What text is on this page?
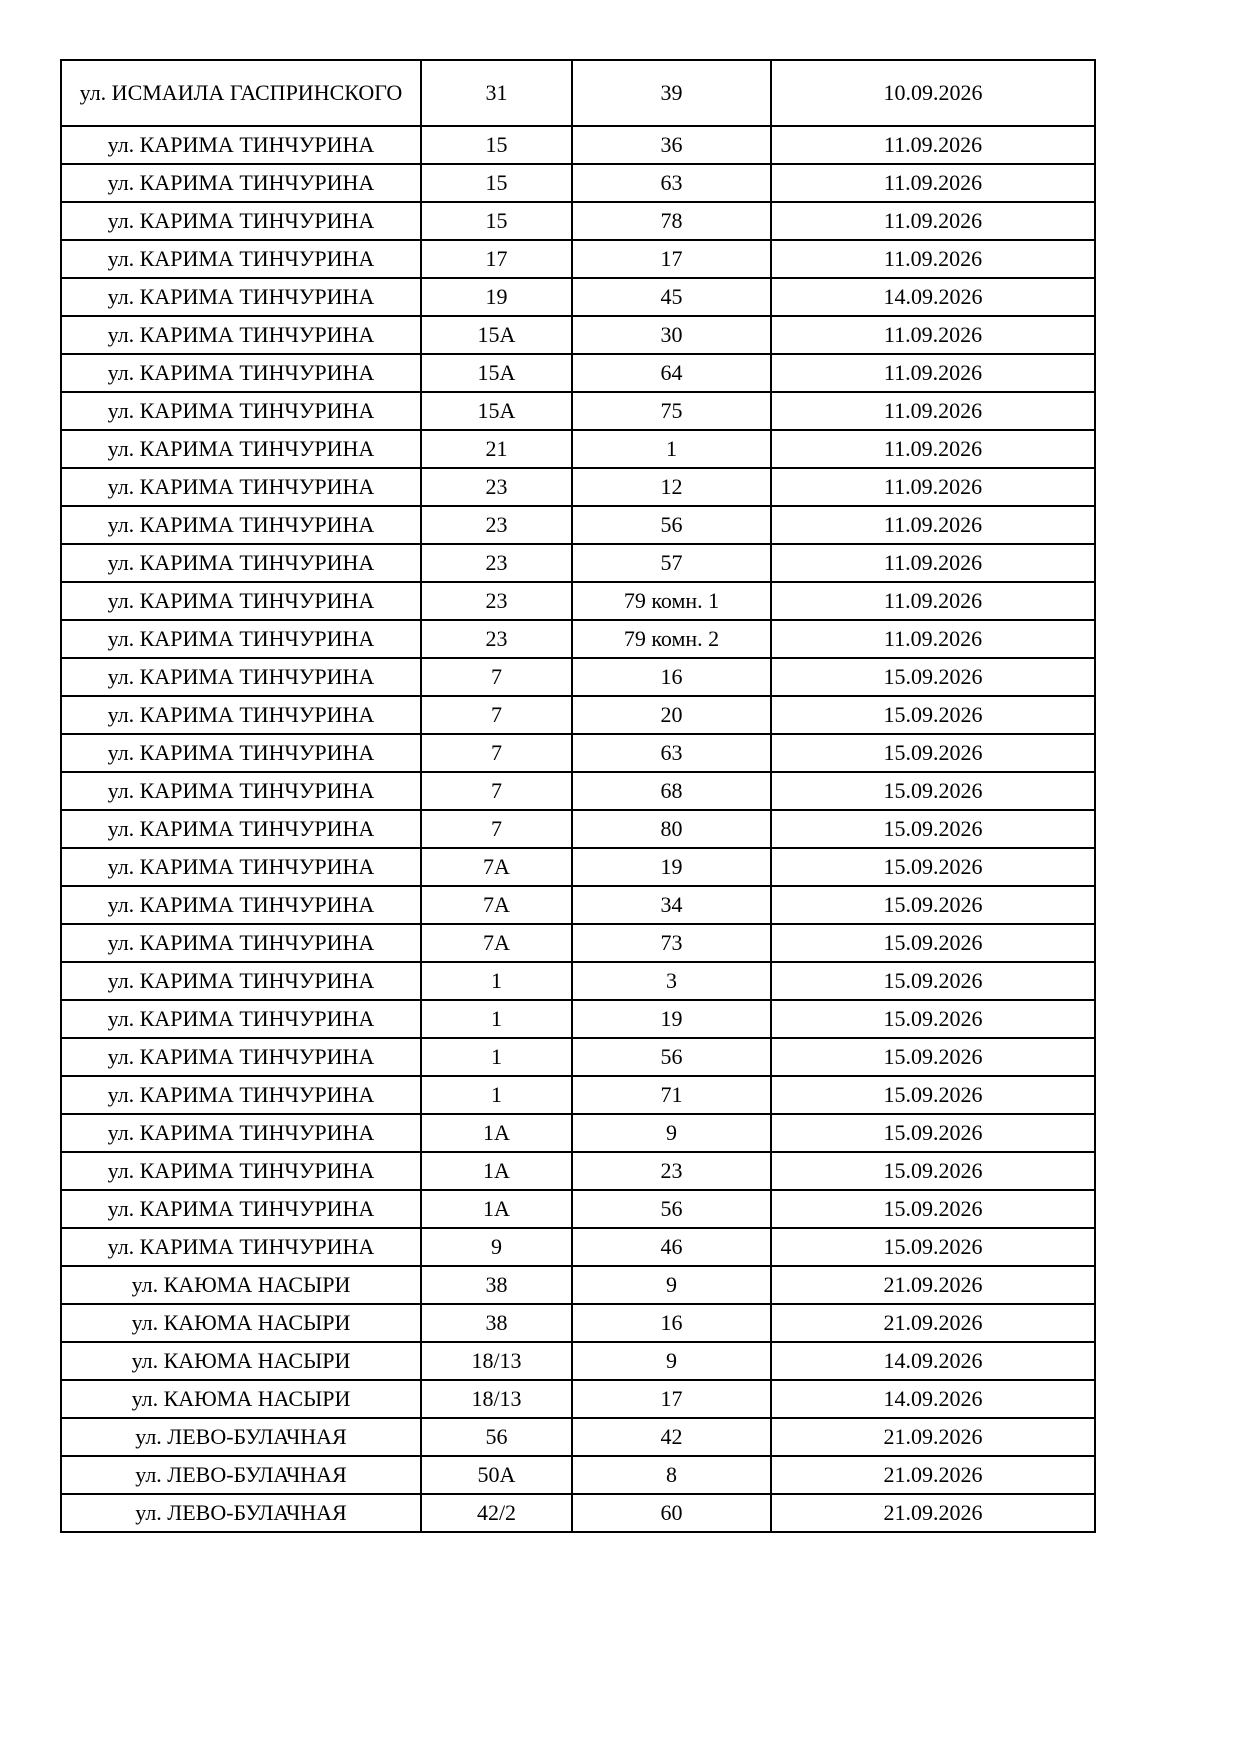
ул. ИСМАИЛА ГАСПРИНСКОГО	31	39	10.09.2026
ул. КАРИМА ТИНЧУРИНА	15	36	11.09.2026
ул. КАРИМА ТИНЧУРИНА	15	63	11.09.2026
ул. КАРИМА ТИНЧУРИНА	15	78	11.09.2026
ул. КАРИМА ТИНЧУРИНА	17	17	11.09.2026
ул. КАРИМА ТИНЧУРИНА	19	45	14.09.2026
ул. КАРИМА ТИНЧУРИНА	15А	30	11.09.2026
ул. КАРИМА ТИНЧУРИНА	15А	64	11.09.2026
ул. КАРИМА ТИНЧУРИНА	15А	75	11.09.2026
ул. КАРИМА ТИНЧУРИНА	21	1	11.09.2026
ул. КАРИМА ТИНЧУРИНА	23	12	11.09.2026
ул. КАРИМА ТИНЧУРИНА	23	56	11.09.2026
ул. КАРИМА ТИНЧУРИНА	23	57	11.09.2026
ул. КАРИМА ТИНЧУРИНА	23	79 комн. 1	11.09.2026
ул. КАРИМА ТИНЧУРИНА	23	79 комн. 2	11.09.2026
ул. КАРИМА ТИНЧУРИНА	7	16	15.09.2026
ул. КАРИМА ТИНЧУРИНА	7	20	15.09.2026
ул. КАРИМА ТИНЧУРИНА	7	63	15.09.2026
ул. КАРИМА ТИНЧУРИНА	7	68	15.09.2026
ул. КАРИМА ТИНЧУРИНА	7	80	15.09.2026
ул. КАРИМА ТИНЧУРИНА	7А	19	15.09.2026
ул. КАРИМА ТИНЧУРИНА	7А	34	15.09.2026
ул. КАРИМА ТИНЧУРИНА	7А	73	15.09.2026
ул. КАРИМА ТИНЧУРИНА	1	3	15.09.2026
ул. КАРИМА ТИНЧУРИНА	1	19	15.09.2026
ул. КАРИМА ТИНЧУРИНА	1	56	15.09.2026
ул. КАРИМА ТИНЧУРИНА	1	71	15.09.2026
ул. КАРИМА ТИНЧУРИНА	1А	9	15.09.2026
ул. КАРИМА ТИНЧУРИНА	1А	23	15.09.2026
ул. КАРИМА ТИНЧУРИНА	1А	56	15.09.2026
ул. КАРИМА ТИНЧУРИНА	9	46	15.09.2026
ул. КАЮМА НАСЫРИ	38	9	21.09.2026
ул. КАЮМА НАСЫРИ	38	16	21.09.2026
ул. КАЮМА НАСЫРИ	18/13	9	14.09.2026
ул. КАЮМА НАСЫРИ	18/13	17	14.09.2026
ул. ЛЕВО-БУЛАЧНАЯ	56	42	21.09.2026
ул. ЛЕВО-БУЛАЧНАЯ	50А	8	21.09.2026
ул. ЛЕВО-БУЛАЧНАЯ	42/2	60	21.09.2026
